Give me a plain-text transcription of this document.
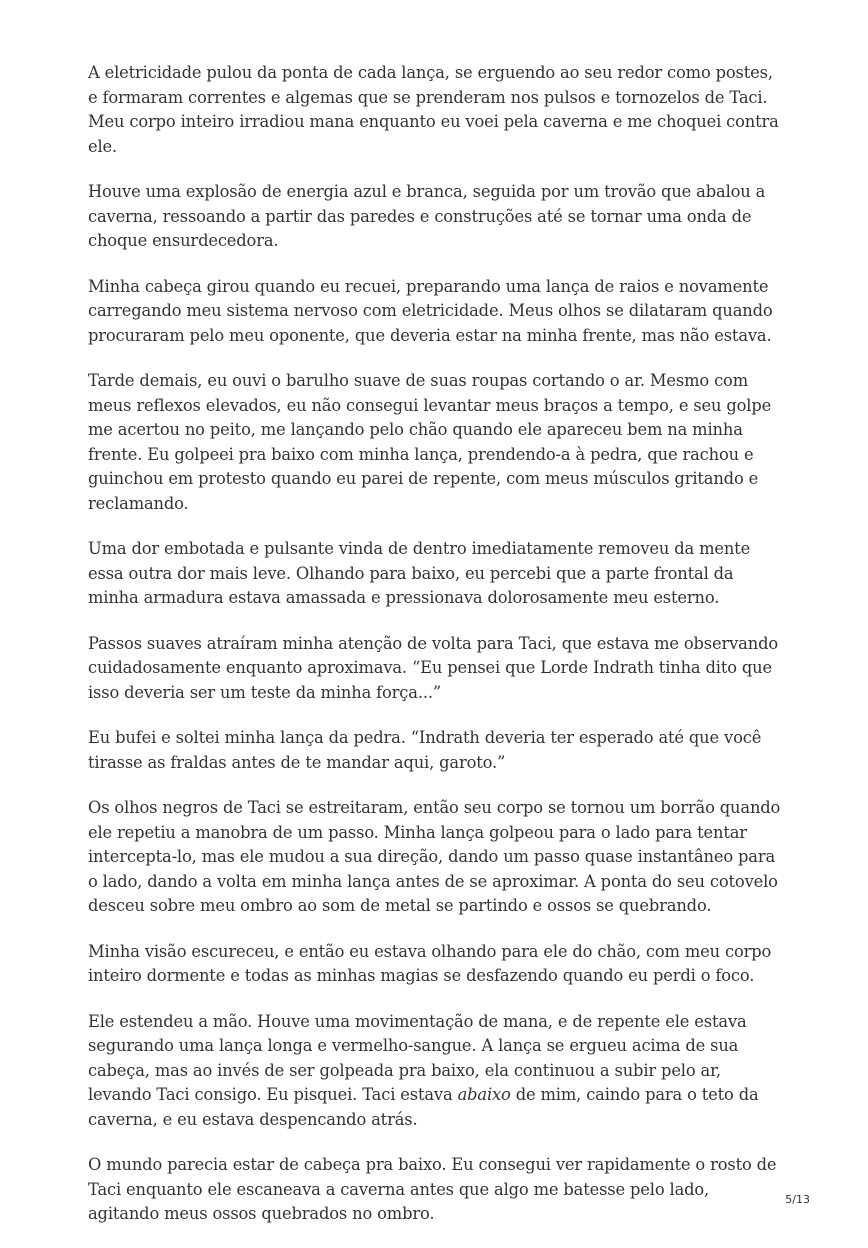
A eletricidade pulou da ponta de cada lança, se erguendo ao seu redor como postes, e formaram correntes e algemas que se prenderam nos pulsos e tornozelos de Taci. Meu corpo inteiro irradiou mana enquanto eu voei pela caverna e me choquei contra ele.

Houve uma explosão de energia azul e branca, seguida por um trovão que abalou a caverna, ressoando a partir das paredes e construções até se tornar uma onda de choque ensurdecedora.

Minha cabeça girou quando eu recuei, preparando uma lança de raios e novamente carregando meu sistema nervoso com eletricidade. Meus olhos se dilataram quando procuraram pelo meu oponente, que deveria estar na minha frente, mas não estava.

Tarde demais, eu ouvi o barulho suave de suas roupas cortando o ar. Mesmo com meus reflexos elevados, eu não consegui levantar meus braços a tempo, e seu golpe me acertou no peito, me lançando pelo chão quando ele apareceu bem na minha frente. Eu golpeei pra baixo com minha lança, prendendo-a à pedra, que rachou e guinchou em protesto quando eu parei de repente, com meus músculos gritando e reclamando.

Uma dor embotada e pulsante vinda de dentro imediatamente removeu da mente essa outra dor mais leve. Olhando para baixo, eu percebi que a parte frontal da minha armadura estava amassada e pressionava dolorosamente meu esterno.

Passos suaves atraíram minha atenção de volta para Taci, que estava me observando cuidadosamente enquanto aproximava. “Eu pensei que Lorde Indrath tinha dito que isso deveria ser um teste da minha força...”

Eu bufei e soltei minha lança da pedra. “Indrath deveria ter esperado até que você tirasse as fraldas antes de te mandar aqui, garoto.”

Os olhos negros de Taci se estreitaram, então seu corpo se tornou um borrão quando ele repetiu a manobra de um passo. Minha lança golpeou para o lado para tentar intercepta-lo, mas ele mudou a sua direção, dando um passo quase instantâneo para o lado, dando a volta em minha lança antes de se aproximar. A ponta do seu cotovelo desceu sobre meu ombro ao som de metal se partindo e ossos se quebrando.

Minha visão escureceu, e então eu estava olhando para ele do chão, com meu corpo inteiro dormente e todas as minhas magias se desfazendo quando eu perdi o foco.

Ele estendeu a mão. Houve uma movimentação de mana, e de repente ele estava segurando uma lança longa e vermelho-sangue. A lança se ergueu acima de sua cabeça, mas ao invés de ser golpeada pra baixo, ela continuou a subir pelo ar, levando Taci consigo. Eu pisquei. Taci estava abaixo de mim, caindo para o teto da caverna, e eu estava despencando atrás.

O mundo parecia estar de cabeça pra baixo. Eu consegui ver rapidamente o rosto de Taci enquanto ele escaneava a caverna antes que algo me batesse pelo lado, agitando meus ossos quebrados no ombro.

5/13
